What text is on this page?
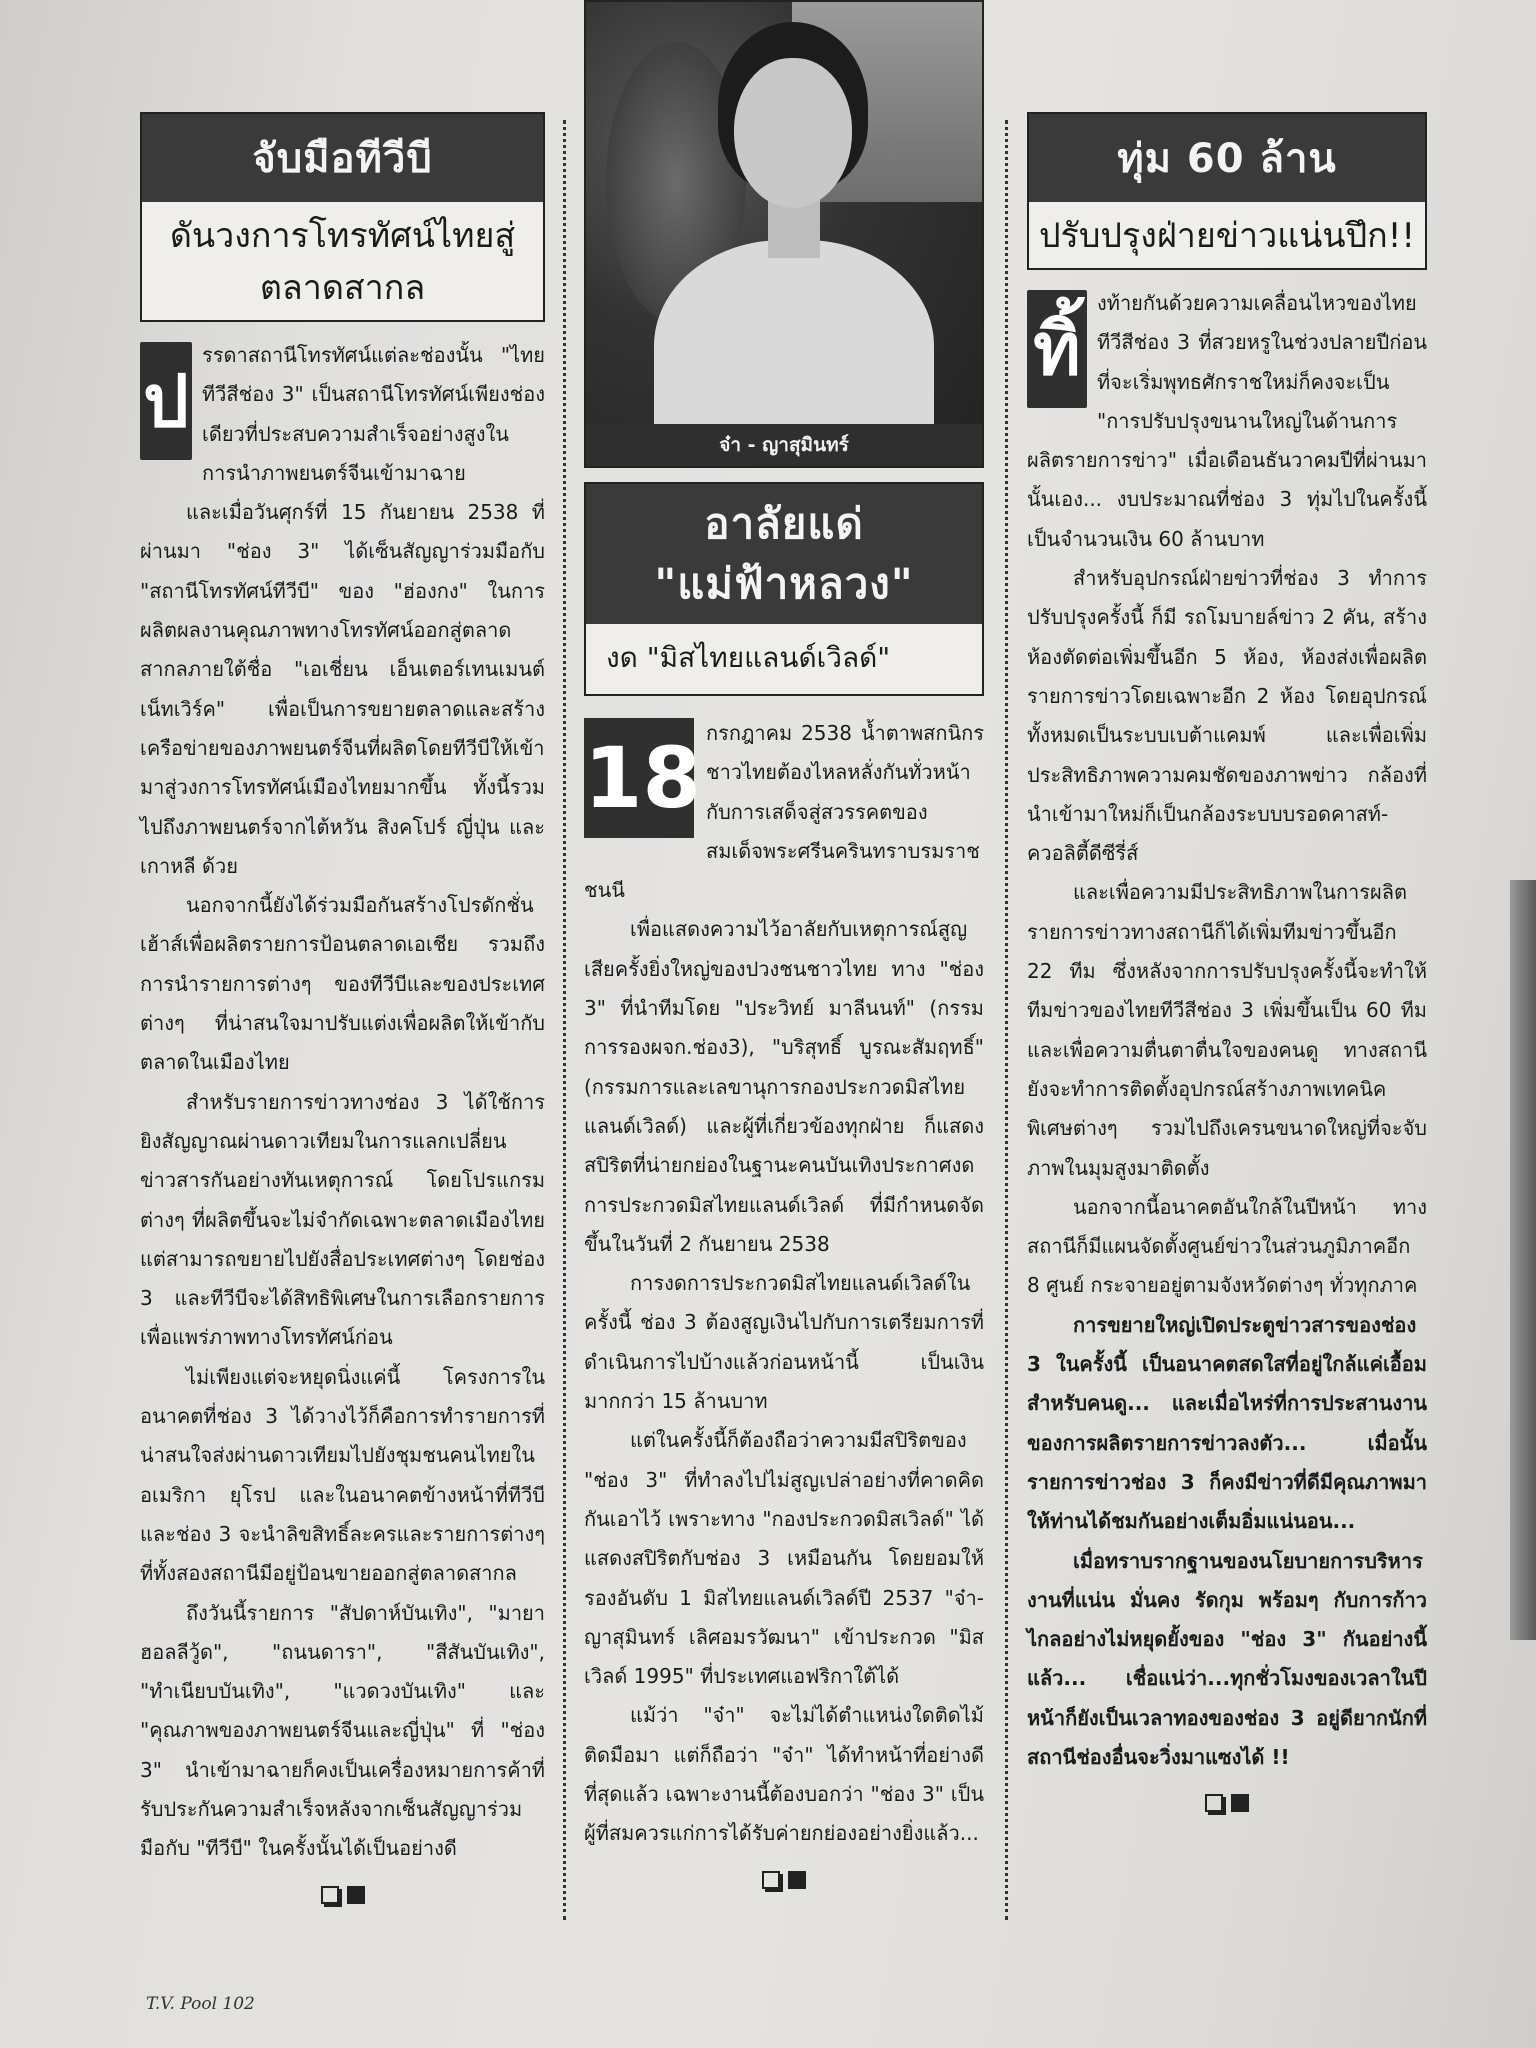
จับมือทีวีบี
ดันวงการโทรทัศน์ไทยสู่ตลาดสากล
ป

รรดาสถานีโทรทัศน์แต่ละช่องนั้น "ไทยทีวีสีช่อง 3" เป็นสถานีโทรทัศน์เพียงช่องเดียวที่ประสบความสำเร็จอย่างสูงในการนำภาพยนตร์จีนเข้ามาฉาย

และเมื่อวันศุกร์ที่ 15 กันยายน 2538 ที่ผ่านมา "ช่อง 3" ได้เซ็นสัญญาร่วมมือกับ "สถานีโทรทัศน์ทีวีบี" ของ "ฮ่องกง" ในการผลิตผลงานคุณภาพทางโทรทัศน์ออกสู่ตลาดสากลภายใต้ชื่อ "เอเชี่ยน เอ็นเตอร์เทนเมนต์ เน็ทเวิร์ค" เพื่อเป็นการขยายตลาดและสร้างเครือข่ายของภาพยนตร์จีนที่ผลิตโดยทีวีบีให้เข้ามาสู่วงการโทรทัศน์เมืองไทยมากขึ้น ทั้งนี้รวมไปถึงภาพยนตร์จากไต้หวัน สิงคโปร์ ญี่ปุ่น และ เกาหลี ด้วย

นอกจากนี้ยังได้ร่วมมือกันสร้างโปรดักชั่นเฮ้าส์เพื่อผลิตรายการป้อนตลาดเอเชีย รวมถึงการนำรายการต่างๆ ของทีวีบีและของประเทศต่างๆ ที่น่าสนใจมาปรับแต่งเพื่อผลิตให้เข้ากับตลาดในเมืองไทย

สำหรับรายการข่าวทางช่อง 3 ได้ใช้การยิงสัญญาณผ่านดาวเทียมในการแลกเปลี่ยนข่าวสารกันอย่างทันเหตุการณ์ โดยโปรแกรมต่างๆ ที่ผลิตขึ้นจะไม่จำกัดเฉพาะตลาดเมืองไทย แต่สามารถขยายไปยังสื่อประเทศต่างๆ โดยช่อง 3 และทีวีบีจะได้สิทธิพิเศษในการเลือกรายการเพื่อแพร่ภาพทางโทรทัศน์ก่อน

ไม่เพียงแต่จะหยุดนิ่งแค่นี้ โครงการในอนาคตที่ช่อง 3 ได้วางไว้ก็คือการทำรายการที่น่าสนใจส่งผ่านดาวเทียมไปยังชุมชนคนไทยในอเมริกา ยุโรป และในอนาคตข้างหน้าที่ทีวีบีและช่อง 3 จะนำลิขสิทธิ์ละครและรายการต่างๆ ที่ทั้งสองสถานีมีอยู่ป้อนขายออกสู่ตลาดสากล

ถึงวันนี้รายการ "สัปดาห์บันเทิง", "มายาฮอลลีวู้ด", "ถนนดารา", "สีสันบันเทิง", "ทำเนียบบันเทิง", "แวดวงบันเทิง" และ "คุณภาพของภาพยนตร์จีนและญี่ปุ่น" ที่ "ช่อง 3" นำเข้ามาฉายก็คงเป็นเครื่องหมายการค้าที่รับประกันความสำเร็จหลังจากเซ็นสัญญาร่วมมือกับ "ทีวีบี" ในครั้งนั้นได้เป็นอย่างดี

จ๋า - ญาสุมินทร์
อาลัยแด่
"แม่ฟ้าหลวง"
งด "มิสไทยแลนด์เวิลด์"
18 กรกฎาคม 2538 น้ำตาพสกนิกรชาวไทยต้องไหลหลั่งกันทั่วหน้ากับการเสด็จสู่สวรรคตของสมเด็จพระศรีนครินทราบรมราชชนนี

เพื่อแสดงความไว้อาลัยกับเหตุการณ์สูญเสียครั้งยิ่งใหญ่ของปวงชนชาวไทย ทาง "ช่อง 3" ที่นำทีมโดย "ประวิทย์ มาลีนนท์" (กรรมการรองผจก.ช่อง3), "บริสุทธิ์ บูรณะสัมฤทธิ์" (กรรมการและเลขานุการกองประกวดมิสไทยแลนด์เวิลด์) และผู้ที่เกี่ยวข้องทุกฝ่าย ก็แสดงสปิริตที่น่ายกย่องในฐานะคนบันเทิงประกาศงดการประกวดมิสไทยแลนด์เวิลด์ ที่มีกำหนดจัดขึ้นในวันที่ 2 กันยายน 2538

การงดการประกวดมิสไทยแลนด์เวิลด์ในครั้งนี้ ช่อง 3 ต้องสูญเงินไปกับการเตรียมการที่ดำเนินการไปบ้างแล้วก่อนหน้านี้ เป็นเงินมากกว่า 15 ล้านบาท

แต่ในครั้งนี้ก็ต้องถือว่าความมีสปิริตของ "ช่อง 3" ที่ทำลงไปไม่สูญเปล่าอย่างที่คาดคิดกันเอาไว้ เพราะทาง "กองประกวดมิสเวิลด์" ได้แสดงสปิริตกับช่อง 3 เหมือนกัน โดยยอมให้รองอันดับ 1 มิสไทยแลนด์เวิลด์ปี 2537 "จ๋า-ญาสุมินทร์ เลิศอมรวัฒนา" เข้าประกวด "มิสเวิลด์ 1995" ที่ประเทศแอฟริกาใต้ได้

แม้ว่า "จ๋า" จะไม่ได้ตำแหน่งใดติดไม้ติดมือมา แต่ก็ถือว่า "จ๋า" ได้ทำหน้าที่อย่างดีที่สุดแล้ว เฉพาะงานนี้ต้องบอกว่า "ช่อง 3" เป็นผู้ที่สมควรแก่การได้รับค่ายกย่องอย่างยิ่งแล้ว...

ทุ่ม 60 ล้าน
ปรับปรุงฝ่ายข่าวแน่นปึก!!
ทิ้

งท้ายกันด้วยความเคลื่อนไหวของไทยทีวีสีช่อง 3 ที่สวยหรูในช่วงปลายปีก่อนที่จะเริ่มพุทธศักราชใหม่ก็คงจะเป็น "การปรับปรุงขนานใหญ่ในด้านการผลิตรายการข่าว" เมื่อเดือนธันวาคมปีที่ผ่านมานั้นเอง... งบประมาณที่ช่อง 3 ทุ่มไปในครั้งนี้เป็นจำนวนเงิน 60 ล้านบาท

สำหรับอุปกรณ์ฝ่ายข่าวที่ช่อง 3 ทำการปรับปรุงครั้งนี้ ก็มี รถโมบายล์ข่าว 2 คัน, สร้างห้องตัดต่อเพิ่มขึ้นอีก 5 ห้อง, ห้องส่งเพื่อผลิตรายการข่าวโดยเฉพาะอีก 2 ห้อง โดยอุปกรณ์ทั้งหมดเป็นระบบเบต้าแคมพ์ และเพื่อเพิ่มประสิทธิภาพความคมชัดของภาพข่าว กล้องที่นำเข้ามาใหม่ก็เป็นกล้องระบบบรอดคาสท์-ควอลิตี้ดีซีรี่ส์

และเพื่อความมีประสิทธิภาพในการผลิตรายการข่าวทางสถานีก็ได้เพิ่มทีมข่าวขึ้นอีก 22 ทีม ซึ่งหลังจากการปรับปรุงครั้งนี้จะทำให้ทีมข่าวของไทยทีวีสีช่อง 3 เพิ่มขึ้นเป็น 60 ทีม และเพื่อความตื่นตาตื่นใจของคนดู ทางสถานียังจะทำการติดตั้งอุปกรณ์สร้างภาพเทคนิคพิเศษต่างๆ รวมไปถึงเครนขนาดใหญ่ที่จะจับภาพในมุมสูงมาติดตั้ง

นอกจากนี้อนาคตอันใกล้ในปีหน้า ทางสถานีก็มีแผนจัดตั้งศูนย์ข่าวในส่วนภูมิภาคอีก 8 ศูนย์ กระจายอยู่ตามจังหวัดต่างๆ ทั่วทุกภาค

การขยายใหญ่เปิดประตูข่าวสารของช่อง 3 ในครั้งนี้ เป็นอนาคตสดใสที่อยู่ใกล้แค่เอื้อมสำหรับคนดู... และเมื่อไหร่ที่การประสานงานของการผลิตรายการข่าวลงตัว... เมื่อนั้นรายการข่าวช่อง 3 ก็คงมีข่าวที่ดีมีคุณภาพมาให้ท่านได้ชมกันอย่างเต็มอิ่มแน่นอน...

เมื่อทราบรากฐานของนโยบายการบริหารงานที่แน่น มั่นคง รัดกุม พร้อมๆ กับการก้าวไกลอย่างไม่หยุดยั้งของ "ช่อง 3" กันอย่างนี้แล้ว... เชื่อแน่ว่า...ทุกชั่วโมงของเวลาในปีหน้าก็ยังเป็นเวลาทองของช่อง 3 อยู่ดียากนักที่สถานีช่องอื่นจะวิ่งมาแซงได้ !!

T.V. Pool 102
